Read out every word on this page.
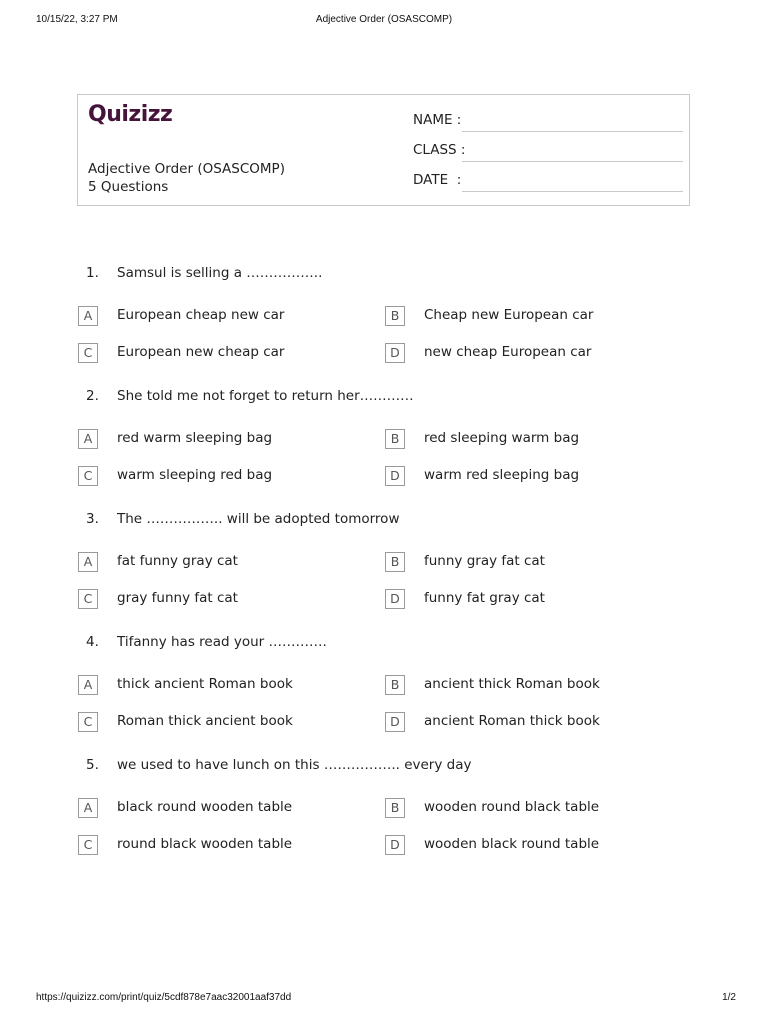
10/15/22, 3:27 PM	Adjective Order (OSASCOMP)
Quizizz
Adjective Order (OSASCOMP)
5 Questions
NAME :
CLASS :
DATE  :
1. Samsul is selling a ……………..
A	European cheap new car	B	Cheap new European car
C	European new cheap car	D	new cheap European car
2. She told me not forget to return her…………
A	red warm sleeping bag	B	red sleeping warm bag
C	warm sleeping red bag	D	warm red sleeping bag
3. The …………….. will be adopted tomorrow
A	fat funny gray cat	B	funny gray fat cat
C	gray funny fat cat	D	funny fat gray cat
4. Tifanny has read your ………….
A	thick ancient Roman book	B	ancient thick Roman book
C	Roman thick ancient book	D	ancient Roman thick book
5. we used to have lunch on this …………….. every day
A	black round wooden table	B	wooden round black table
C	round black wooden table	D	wooden black round table
https://quizizz.com/print/quiz/5cdf878e7aac32001aaf37dd	1/2
